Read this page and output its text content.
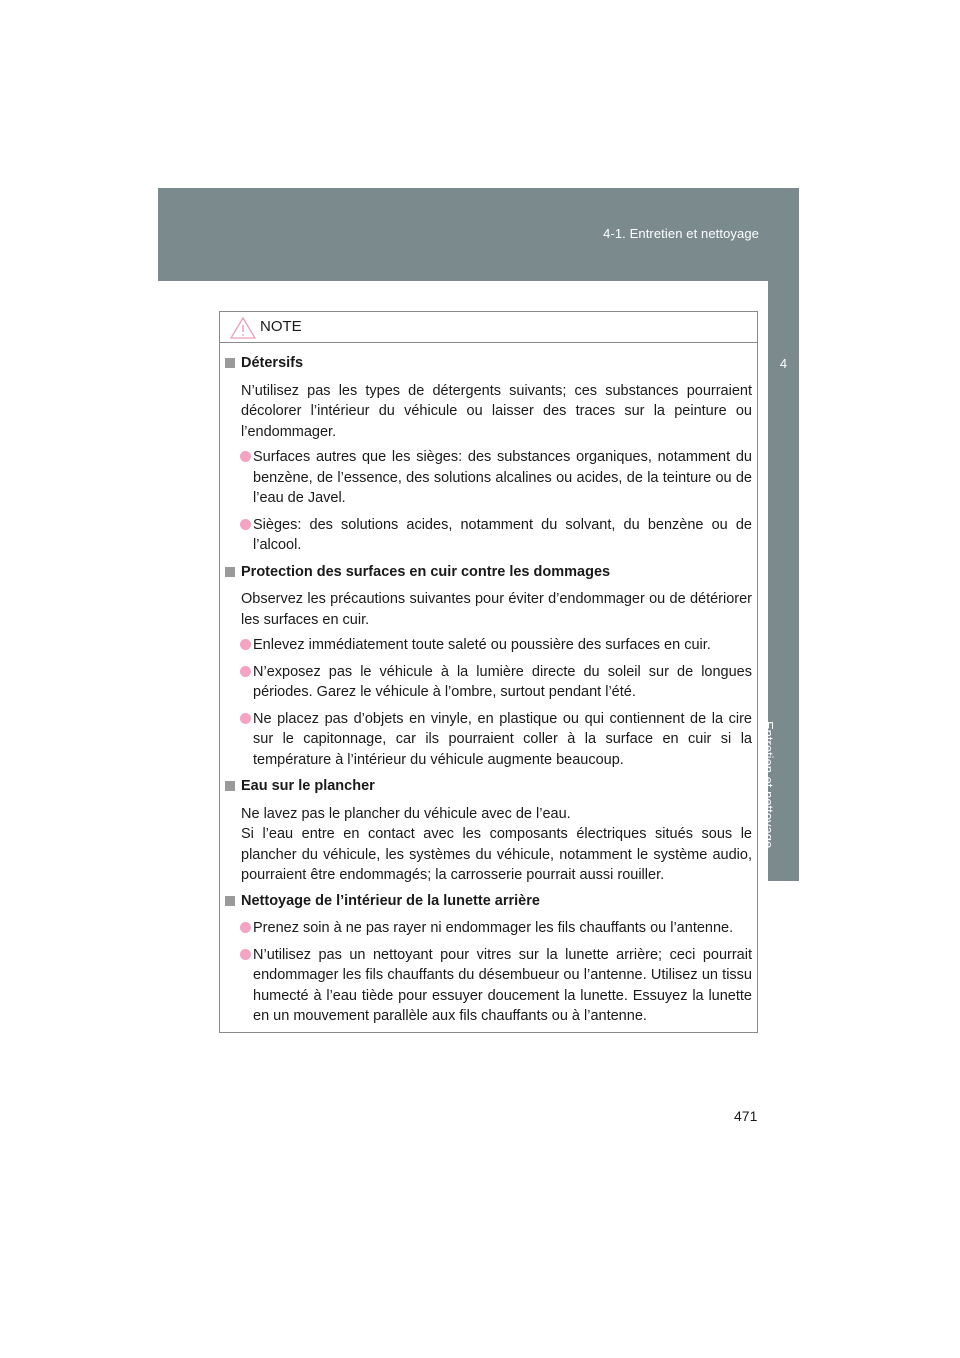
4-1. Entretien et nettoyage
4
Entretien et nettoyage
NOTE
Détersifs
N’utilisez pas les types de détergents suivants; ces substances pourraient décolorer l’intérieur du véhicule ou laisser des traces sur la peinture ou l’endommager.
Surfaces autres que les sièges: des substances organiques, notamment du benzène, de l’essence, des solutions alcalines ou acides, de la teinture ou de l’eau de Javel.
Sièges: des solutions acides, notamment du solvant, du benzène ou de l’alcool.
Protection des surfaces en cuir contre les dommages
Observez les précautions suivantes pour éviter d’endommager ou de détériorer les surfaces en cuir.
Enlevez immédiatement toute saleté ou poussière des surfaces en cuir.
N’exposez pas le véhicule à la lumière directe du soleil sur de longues périodes. Garez le véhicule à l’ombre, surtout pendant l’été.
Ne placez pas d’objets en vinyle, en plastique ou qui contiennent de la cire sur le capitonnage, car ils pourraient coller à la surface en cuir si la température à l’intérieur du véhicule augmente beaucoup.
Eau sur le plancher
Ne lavez pas le plancher du véhicule avec de l’eau.
Si l’eau entre en contact avec les composants électriques situés sous le plancher du véhicule, les systèmes du véhicule, notamment le système audio, pourraient être endommagés; la carrosserie pourrait aussi rouiller.
Nettoyage de l’intérieur de la lunette arrière
Prenez soin à ne pas rayer ni endommager les fils chauffants ou l’antenne.
N’utilisez pas un nettoyant pour vitres sur la lunette arrière; ceci pourrait endommager les fils chauffants du désembueur ou l’antenne. Utilisez un tissu humecté à l’eau tiède pour essuyer doucement la lunette. Essuyez la lunette en un mouvement parallèle aux fils chauffants ou à l’antenne.
471
